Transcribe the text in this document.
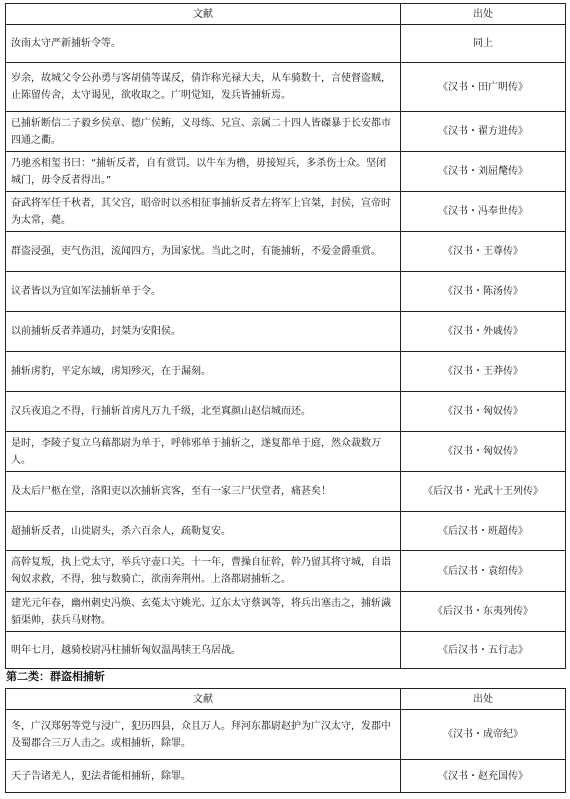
文献	出处
汝南太守严新捕斩令等。	同上
岁余，故城父令公孙勇与客胡倩等谋反，倩诈称光禄大夫，从车骑数十，言使督盗贼，止陈留传舍，太守谒见，欲收取之。广明觉知，发兵皆捕斩焉。	《汉书・田广明传》
已捕斩断信二子毅乡侯章、德广侯鲔，义母练、兄宣、亲属二十四人皆磔暴于长安都市四通之衢。	《汉书・翟方进传》
乃驰丞相玺书曰：“捕斩反者，自有赏罚。以牛车为橹，毋接短兵，多杀伤士众。坚闭城门，毋令反者得出。”	《汉书・刘屈氂传》
奋武将军任千秋者，其父宫，昭帝时以丞相征事捕斩反者左将军上官桀，封侯，宣帝时为太常，薨。	《汉书・冯奉世传》
群盗浸强，吏气伤沮，流闻四方，为国家忧。当此之时，有能捕斩，不爱金爵重赏。	《汉书・王尊传》
议者皆以为宜如军法捕斩单于令。	《汉书・陈汤传》
以前捕斩反者莽通功，封桀为安阳侯。	《汉书・外戚传》
捕斩虏豹，平定东域，虏知殄灭，在于漏刻。	《汉书・王莽传》
汉兵夜追之不得，行捕斩首虏凡万九千级，北至窴颜山赵信城而还。	《汉书・匈奴传》
是时，李陵子复立乌藉都尉为单于，呼韩邪单于捕斩之，遂复都单于庭，然众裁数万人。	《汉书・匈奴传》
及太后尸柩在堂，洛阳吏以次捕斩宾客，至有一家三尸伏堂者，痛甚矣！	《后汉书・光武十王列传》
超捕斩反者，山徙尉头，杀六百余人，疏勒复安。	《后汉书・班超传》
高幹复叛，执上党太守，举兵守壶口关。十一年，曹操自征幹，幹乃留其将守城，自诣匈奴求救，不得，独与数骑亡，欲南奔荆州。上洛都尉捕斩之。	《后汉书・袁绍传》
建光元年春，幽州刺史冯焕、玄菟太守姚光、辽东太守蔡讽等，将兵出塞击之，捕斩濊貊渠帅，获兵马财物。	《后汉书・东夷列传》
明年七月，越骑校尉冯柱捕斩匈奴温禺犊王乌居战。	《后汉书・五行志》
第二类：群盗相捕斩
文献	出处
冬，广汉郑躬等党与浸广，犯历四县，众且万人。拜河东都尉赵护为广汉太守，发郡中及蜀郡合三万人击之。或相捕斩，除罪。	《汉书・成帝纪》
天子告诸羌人，犯法者能相捕斩，除罪。	《汉书・赵充国传》
